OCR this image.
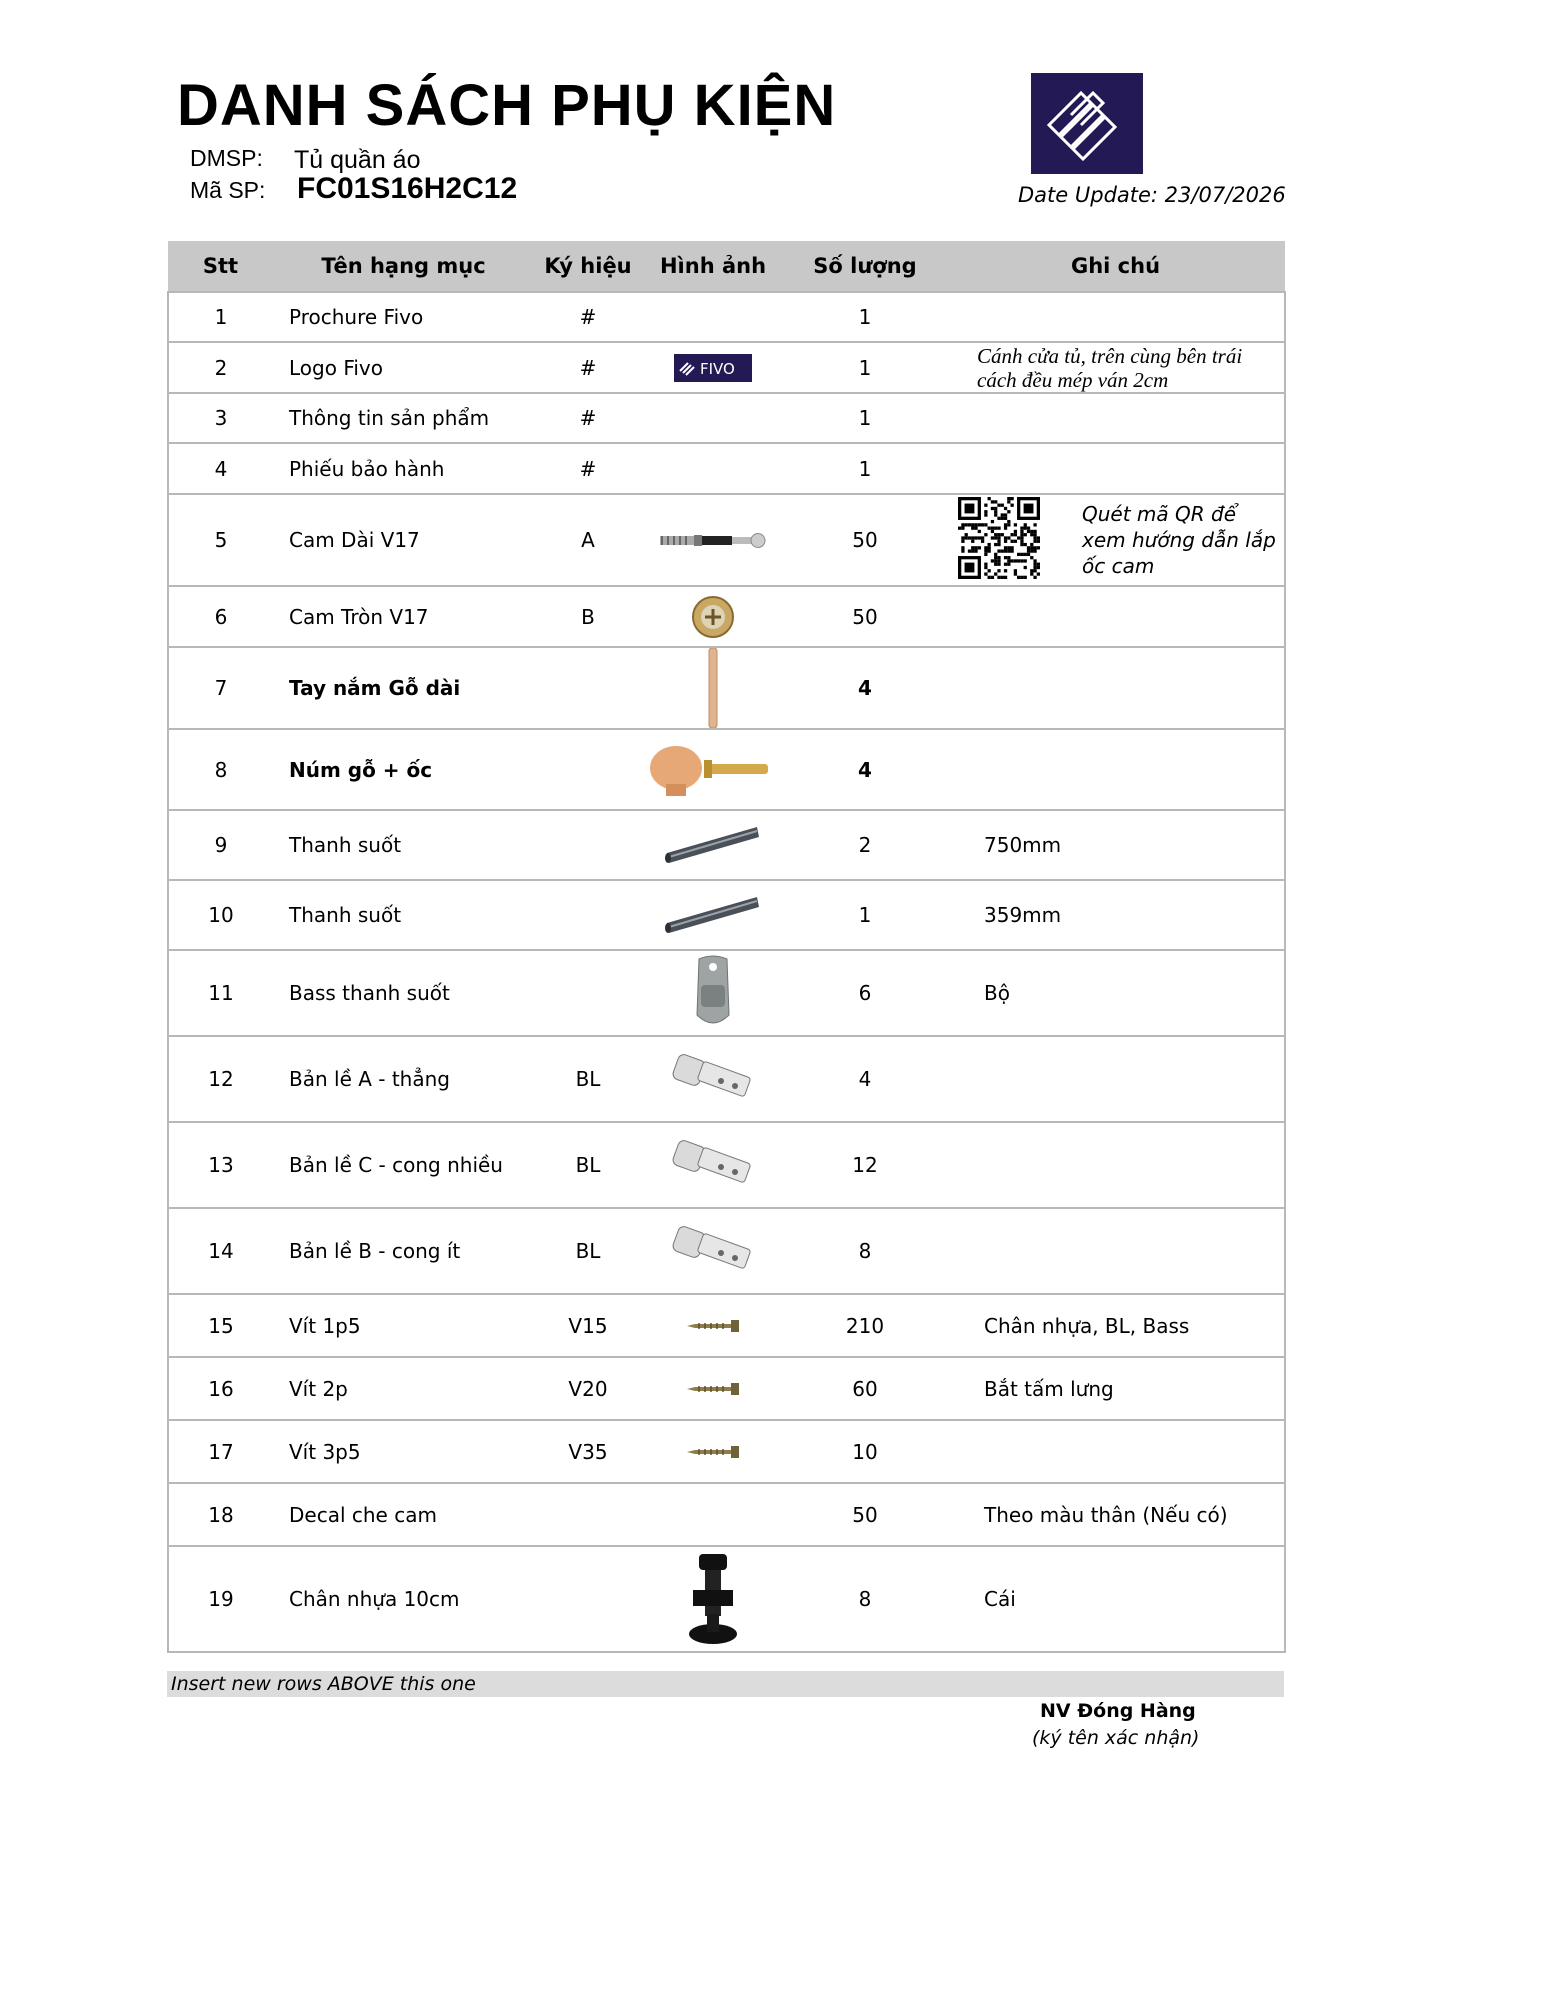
DANH SÁCH PHỤ KIỆN
DMSP: Tủ quần áo
Mã SP: FC01S16H2C12	Date Update: 23/07/2026
Stt	Tên hạng mục	Ký hiệu	Hình ảnh	Số lượng	Ghi chú
1	Prochure Fivo	#		1	
2	Logo Fivo	#	FIVO	1	Cánh cửa tủ, trên cùng bên trái cách đều mép ván 2cm
3	Thông tin sản phẩm	#		1	
4	Phiếu bảo hành	#		1	
5	Cam Dài V17	A		50	Quét mã QR để xem hướng dẫn lắp ốc cam

6	Cam Tròn V17	B		50	
7	Tay nắm Gỗ dài			4	
8	Núm gỗ + ốc			4	
9	Thanh suốt			2	750mm
10	Thanh suốt			1	359mm
11	Bass thanh suốt			6	Bộ
12	Bản lề A - thẳng	BL		4	
13	Bản lề C - cong nhiều	BL		12	
14	Bản lề B - cong ít	BL		8	
15	Vít 1p5	V15		210	Chân nhựa, BL, Bass
16	Vít 2p	V20		60	Bắt tấm lưng
17	Vít 3p5	V35		10	
18	Decal che cam			50	Theo màu thân (Nếu có)
19	Chân nhựa 10cm			8	Cái
Insert new rows ABOVE this one
NV Đóng Hàng
(ký tên xác nhận)
